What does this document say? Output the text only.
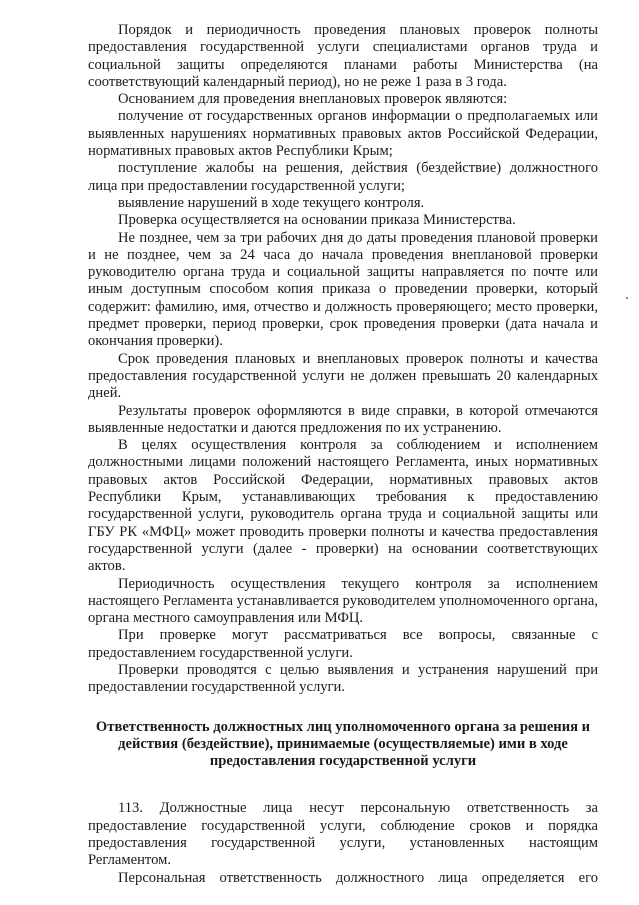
Порядок и периодичность проведения плановых проверок полноты предоставления государственной услуги специалистами органов труда и социальной защиты определяются планами работы Министерства (на соответствующий календарный период), но не реже 1 раза в 3 года.

Основанием для проведения внеплановых проверок являются:

получение от государственных органов информации о предполагаемых или выявленных нарушениях нормативных правовых актов Российской Федерации, нормативных правовых актов Республики Крым;

поступление жалобы на решения, действия (бездействие) должностного лица при предоставлении государственной услуги;

выявление нарушений в ходе текущего контроля.

Проверка осуществляется на основании приказа Министерства.

Не позднее, чем за три рабочих дня до даты проведения плановой проверки и не позднее, чем за 24 часа до начала проведения внеплановой проверки руководителю органа труда и социальной защиты направляется по почте или иным доступным способом копия приказа о проведении проверки, который содержит: фамилию, имя, отчество и должность проверяющего; место проверки, предмет проверки, период проверки, срок проведения проверки (дата начала и окончания проверки).

Срок проведения плановых и внеплановых проверок полноты и качества предоставления государственной услуги не должен превышать 20 календарных дней.

Результаты проверок оформляются в виде справки, в которой отмечаются выявленные недостатки и даются предложения по их устранению.

В целях осуществления контроля за соблюдением и исполнением должностными лицами положений настоящего Регламента, иных нормативных правовых актов Российской Федерации, нормативных правовых актов Республики Крым, устанавливающих требования к предоставлению государственной услуги, руководитель органа труда и социальной защиты или ГБУ РК «МФЦ» может проводить проверки полноты и качества предоставления государственной услуги (далее - проверки) на основании соответствующих актов.

Периодичность осуществления текущего контроля за исполнением настоящего Регламента устанавливается руководителем уполномоченного органа, органа местного самоуправления или МФЦ.

При проверке могут рассматриваться все вопросы, связанные с предоставлением государственной услуги.

Проверки проводятся с целью выявления и устранения нарушений при предоставлении государственной услуги.

Ответственность должностных лиц уполномоченного органа за решения и действия (бездействие), принимаемые (осуществляемые) ими в ходе предоставления государственной услуги

113. Должностные лица несут персональную ответственность за предоставление государственной услуги, соблюдение сроков и порядка предоставления государственной услуги, установленных настоящим Регламентом.

Персональная ответственность должностного лица определяется его
